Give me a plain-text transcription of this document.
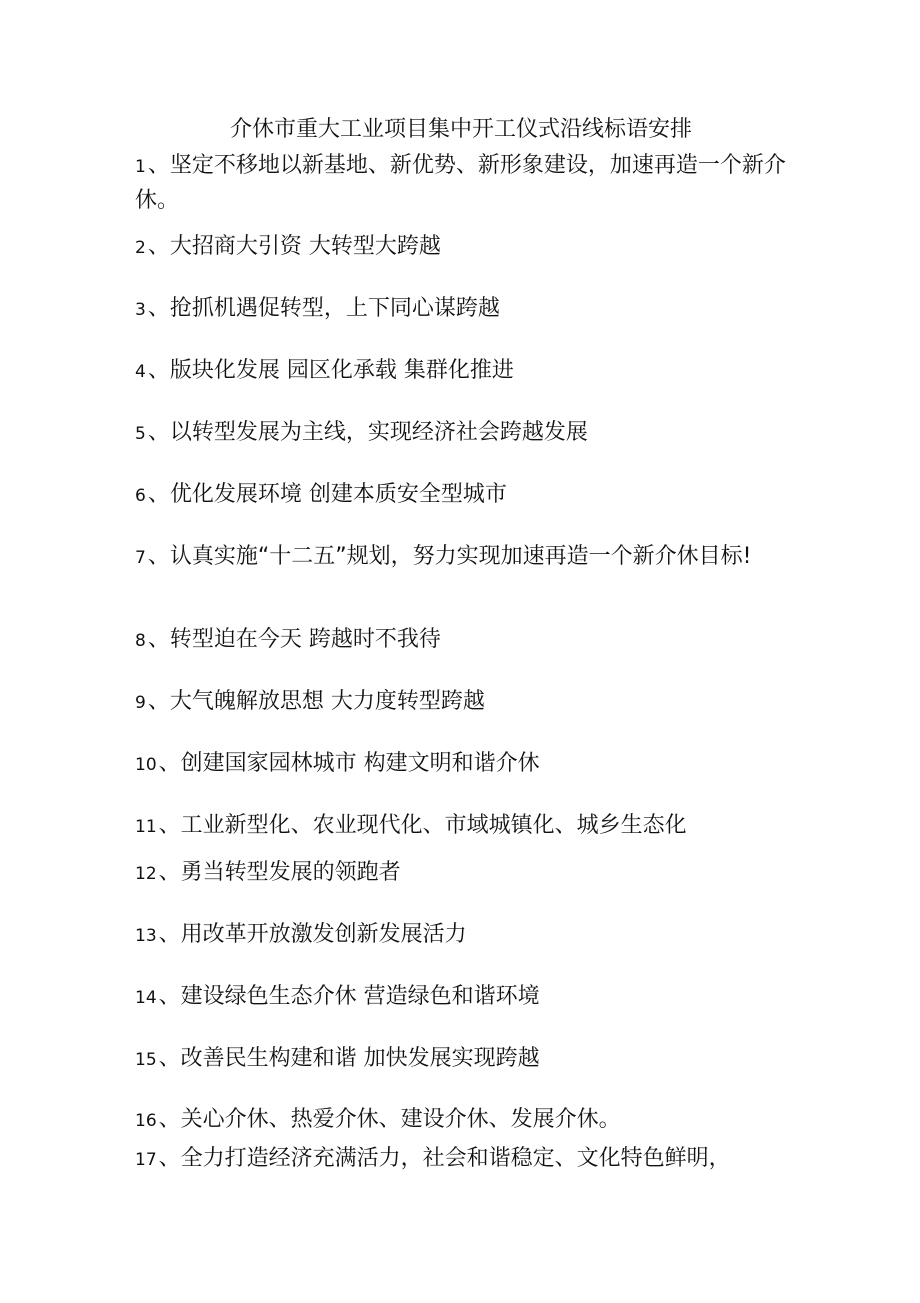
介休市重大工业项目集中开工仪式沿线标语安排
1、坚定不移地以新基地、新优势、新形象建设，加速再造一个新介 休。
2、大招商大引资 大转型大跨越
3、抢抓机遇促转型，上下同心谋跨越
4、版块化发展 园区化承载 集群化推进
5、以转型发展为主线，实现经济社会跨越发展
6、优化发展环境 创建本质安全型城市
7、认真实施“十二五”规划，努力实现加速再造一个新介休目标!
8、转型迫在今天 跨越时不我待
9、大气魄解放思想 大力度转型跨越
10、创建国家园林城市 构建文明和谐介休
11、工业新型化、农业现代化、市域城镇化、城乡生态化
12、勇当转型发展的领跑者
13、用改革开放激发创新发展活力
14、建设绿色生态介休 营造绿色和谐环境
15、改善民生构建和谐 加快发展实现跨越
16、关心介休、热爱介休、建设介休、发展介休。
17、全力打造经济充满活力，社会和谐稳定、文化特色鲜明，
